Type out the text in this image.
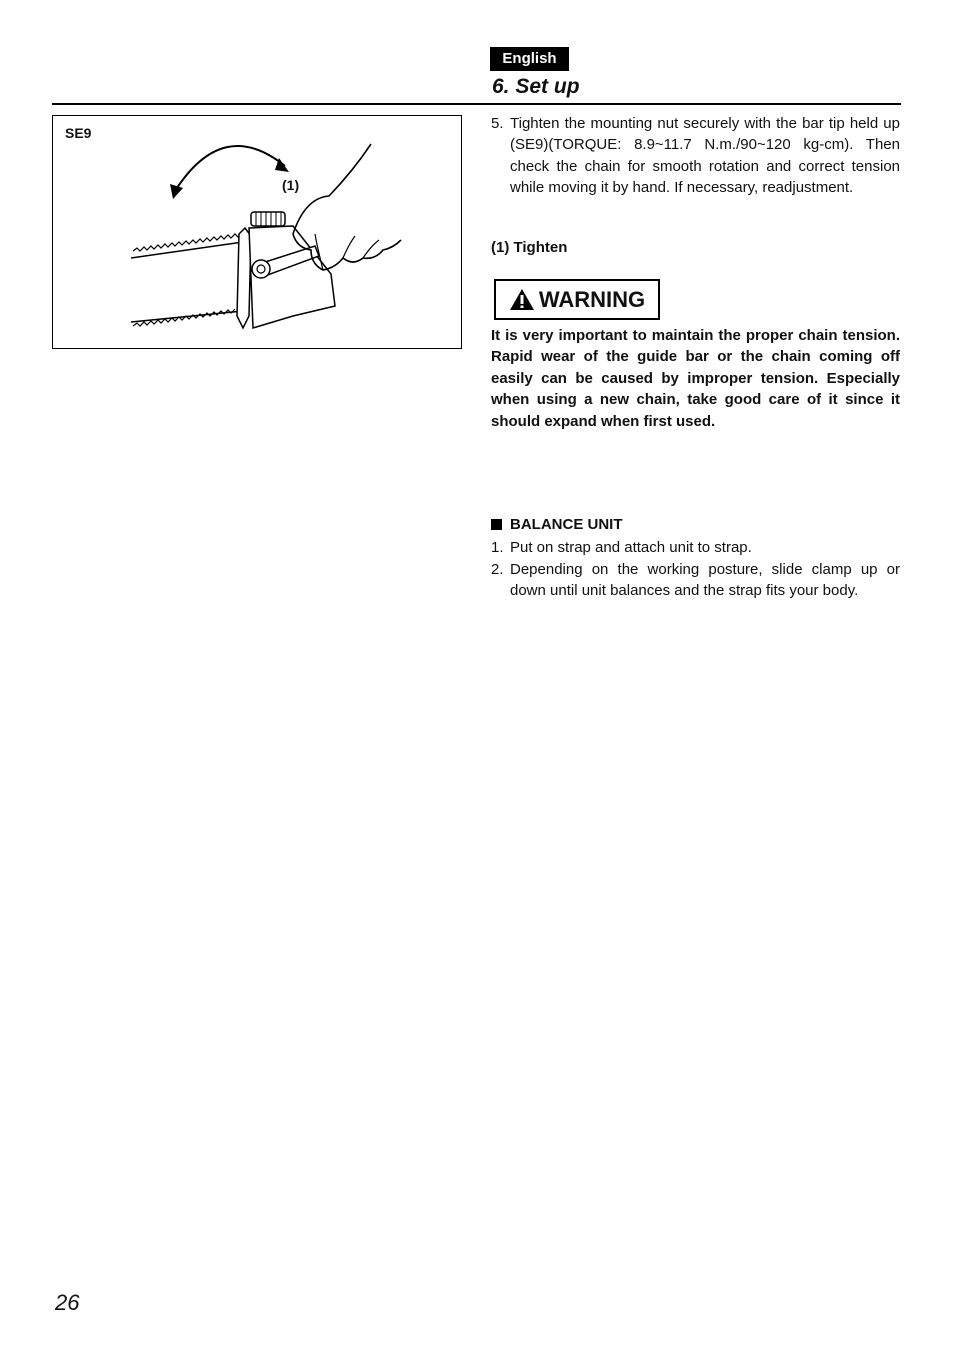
English
6. Set up
SE9
(1)
5. Tighten the mounting nut securely with the bar tip held up (SE9)(TORQUE: 8.9~11.7 N.m./90~120 kg-cm). Then check the chain for smooth rotation and correct tension while moving it by hand. If necessary, readjustment.
(1) Tighten
WARNING
It is very important to maintain the proper chain tension. Rapid wear of the guide bar or the chain coming off easily can be caused by improper tension. Especially when using a new chain, take good care of it since it should expand when first used.
BALANCE UNIT
1. Put on strap and attach unit to strap.
2. Depending on the working posture, slide clamp up or down until unit balances and the strap fits your body.
26
